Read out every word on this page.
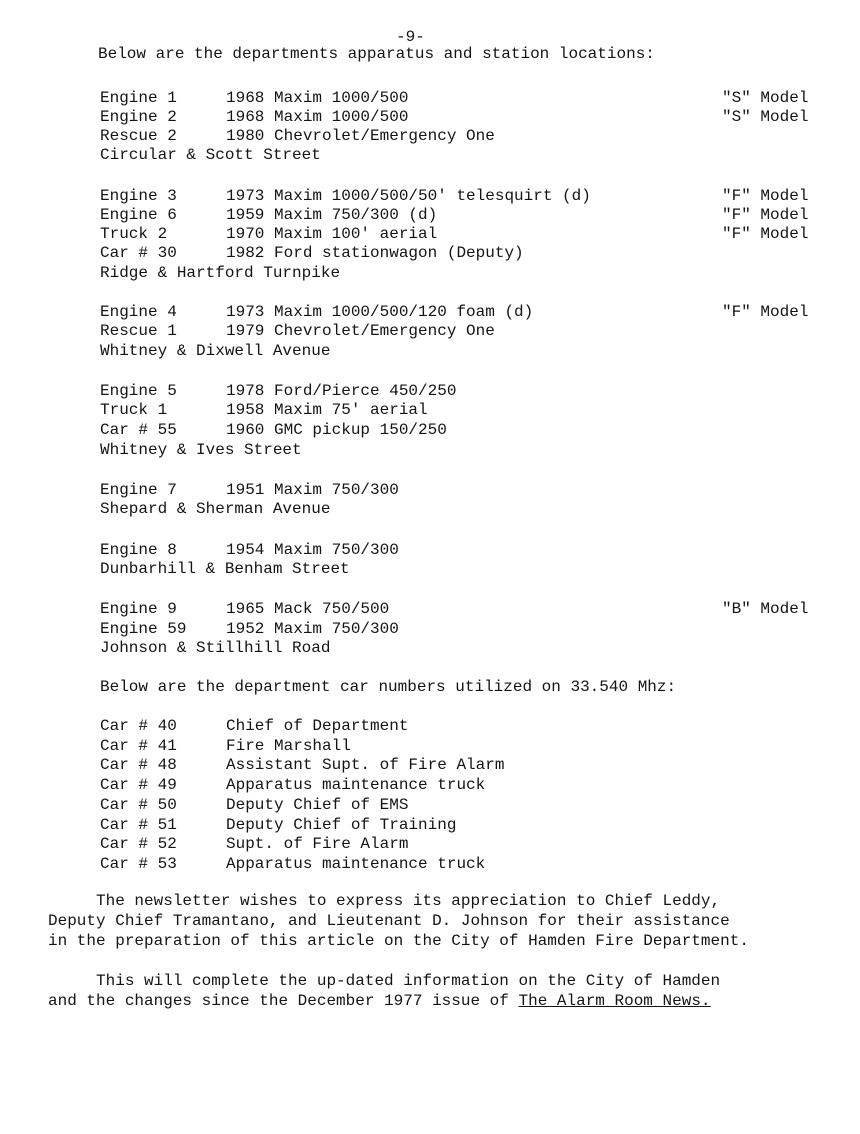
-9-
Below are the departments apparatus and station locations:
Engine 1	1968 Maxim 1000/500	"S" Model
Engine 2	1968 Maxim 1000/500	"S" Model
Rescue 2	1980 Chevrolet/Emergency One
Circular & Scott Street
Engine 3	1973 Maxim 1000/500/50' telesquirt (d)	"F" Model
Engine 6	1959 Maxim 750/300 (d)	"F" Model
Truck 2	1970 Maxim 100' aerial	"F" Model
Car # 30	1982 Ford stationwagon (Deputy)
Ridge & Hartford Turnpike
Engine 4	1973 Maxim 1000/500/120 foam (d)	"F" Model
Rescue 1	1979 Chevrolet/Emergency One
Whitney & Dixwell Avenue
Engine 5	1978 Ford/Pierce 450/250
Truck 1	1958 Maxim 75' aerial
Car # 55	1960 GMC pickup 150/250
Whitney & Ives Street
Engine 7	1951 Maxim 750/300
Shepard & Sherman Avenue
Engine 8	1954 Maxim 750/300
Dunbarhill & Benham Street
Engine 9	1965 Mack 750/500	"B" Model
Engine 59 1952 Maxim 750/300
Johnson & Stillhill Road
Below are the department car numbers utilized on 33.540 Mhz:
Car # 40	Chief of Department
Car # 41	Fire Marshall
Car # 48	Assistant Supt. of Fire Alarm
Car # 49	Apparatus maintenance truck
Car # 50	Deputy Chief of EMS
Car # 51	Deputy Chief of Training
Car # 52	Supt. of Fire Alarm
Car # 53	Apparatus maintenance truck
The newsletter wishes to express its appreciation to Chief Leddy,
Deputy Chief Tramantano, and Lieutenant D. Johnson for their assistance
in the preparation of this article on the City of Hamden Fire Department.
This will complete the up-dated information on the City of Hamden
and the changes since the December 1977 issue of The Alarm Room News.
